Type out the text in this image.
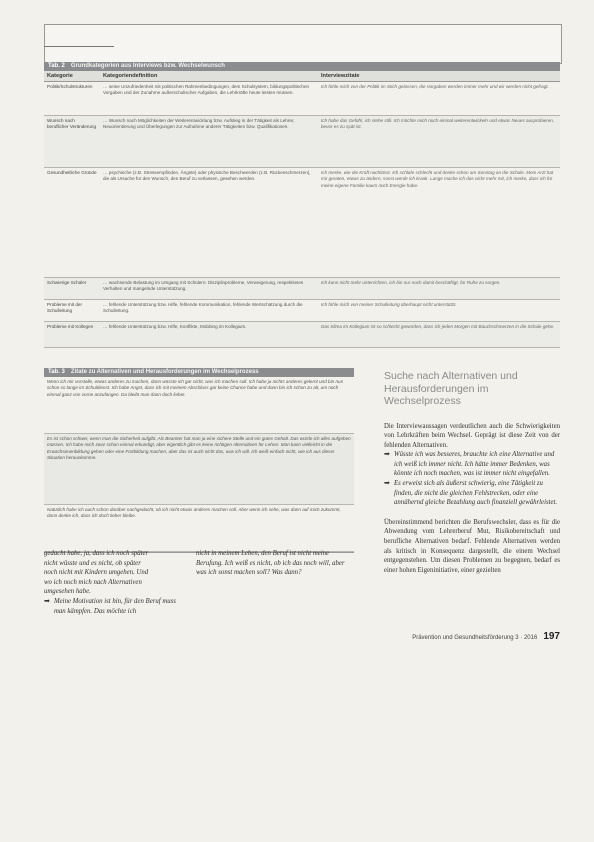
Tab. 2 Grundkategorien aus Interviews bzw. Wechselwunsch
Kategorie	Kategoriendefinition	Interviewzitate
Politik/Schulstrukturen	… seine Unzufriedenheit mit politischen Rahmenbedingungen, dem Schulsystem, bildungspolitischen Vorgaben und der Zunahme außerschulischer Aufgaben, die Lehrkräfte heute leisten müssen.	Ich fühle mich von der Politik im Stich gelassen, die Vorgaben werden immer mehr und wir werden nicht gefragt.
Wunsch nach beruflicher Veränderung	… Wunsch nach Möglichkeiten der Weiterentwicklung bzw. Aufstieg in der Tätigkeit als Lehrer, Neuorientierung und Überlegungen zur Aufnahme anderer Tätigkeiten bzw. Qualifikationen.	Ich habe das Gefühl, ich stehe still. Ich möchte mich noch einmal weiterentwickeln und etwas Neues ausprobieren, bevor es zu spät ist.
Gesundheitliche Gründe	… psychische (z.B. Stressempfinden, Ängste) oder physische Beschwerden (z.B. Rückenschmerzen), die als Ursache für den Wunsch, den Beruf zu verlassen, gesehen werden.	Ich merke, wie die Kraft nachlässt. Ich schlafe schlecht und denke schon am Sonntag an die Schule. Mein Arzt hat mir geraten, etwas zu ändern, sonst werde ich krank. Lange mache ich das nicht mehr mit, ich merke, dass ich für meine eigene Familie kaum noch Energie habe.
Schwierige Schüler	… wachsende Belastung im Umgang mit Schülern: Disziplinprobleme, Verweigerung, respektloses Verhalten und mangelnde Unterstützung.	Ich kann nicht mehr unterrichten, ich bin nur noch damit beschäftigt, für Ruhe zu sorgen.
Probleme mit der Schulleitung	… fehlende Unterstützung bzw. Hilfe, fehlende Kommunikation, fehlende Wertschätzung durch die Schulleitung.	Ich fühle mich von meiner Schulleitung überhaupt nicht unterstützt.
Probleme mit Kollegen	… fehlende Unterstützung bzw. Hilfe, Konflikte, Mobbing im Kollegium.	Das Klima im Kollegium ist so schlecht geworden, dass ich jeden Morgen mit Bauchschmerzen in die Schule gehe.
Tab. 3 Zitate zu Alternativen und Herausforderungen im Wechselprozess
Wenn ich mir vorstelle, etwas anderes zu machen, dann wüsste ich gar nicht, was ich machen soll. Ich habe ja nichts anderes gelernt und bin nun schon so lange im Schuldienst. Ich habe Angst, dass ich mit meinem Abschluss gar keine Chance habe und dann bin ich schon zu alt, um noch einmal ganz von vorne anzufangen. Da bleibt man dann doch lieber.
Es ist schon schwer, wenn man die Sicherheit aufgibt. Als Beamter hat man ja eine sichere Stelle und ein gutes Gehalt. Das würde ich alles aufgeben müssen. Ich habe mich zwar schon einmal erkundigt, aber eigentlich gibt es keine richtigen Alternativen für Lehrer. Man kann vielleicht in die Erwachsenenbildung gehen oder eine Fortbildung machen, aber das ist auch nicht das, was ich will. Ich weiß einfach nicht, wie ich aus dieser Situation herauskomme.
Natürlich habe ich auch schon darüber nachgedacht, ob ich nicht etwas anderes machen soll. Aber wenn ich sehe, was dann auf mich zukommt, dann denke ich, dass ich doch lieber bleibe.
gedacht habe, ja, dass ich noch später
nicht wüsste und es nicht, ob später
noch nicht mit Kindern umgehen. Und
wo ich noch mich nach Alternativen
umgesehen habe.
➡ Meine Motivation ist hin, für den Beruf muss man kämpfen. Das möchte ich
nicht in meinem Leben, den Beruf ist nicht meine Berufung. Ich weiß es nicht, ob ich das noch will, aber was ich sonst machen soll? Was dann?
Suche nach Alternativen und Herausforderungen im Wechselprozess
Die Interviewaussagen verdeutlichen auch die Schwierigkeiten von Lehrkräften beim Wechsel. Geprägt ist diese Zeit von der fehlenden Alternativen.
➡ Wüsste ich was besseres, brauchte ich eine Alternative und ich weiß ich immer nicht. Ich hätte immer Bedenken, was könnte ich noch machen, was ist immer nicht eingefallen.
➡ Es erweist sich als äußerst schwierig, eine Tätigkeit zu finden, die nicht die gleichen Fehlstrecken, oder eine annähernd gleiche Bezahlung auch finanziell gewährleistet.
Übereinstimmend berichten die Berufswechsler, dass es für die Abwendung vom Lehrerberuf Mut, Risikobereitschaft und berufliche Alternativen bedarf. Fehlende Alternativen werden als kritisch in Konsequenz dargestellt, die einem Wechsel entgegenstehen. Um diesen Problemen zu begegnen, bedarf es einer hohen Eigeninitiative, einer gezielten
Prävention und Gesundheitsförderung 3 · 2016 197
